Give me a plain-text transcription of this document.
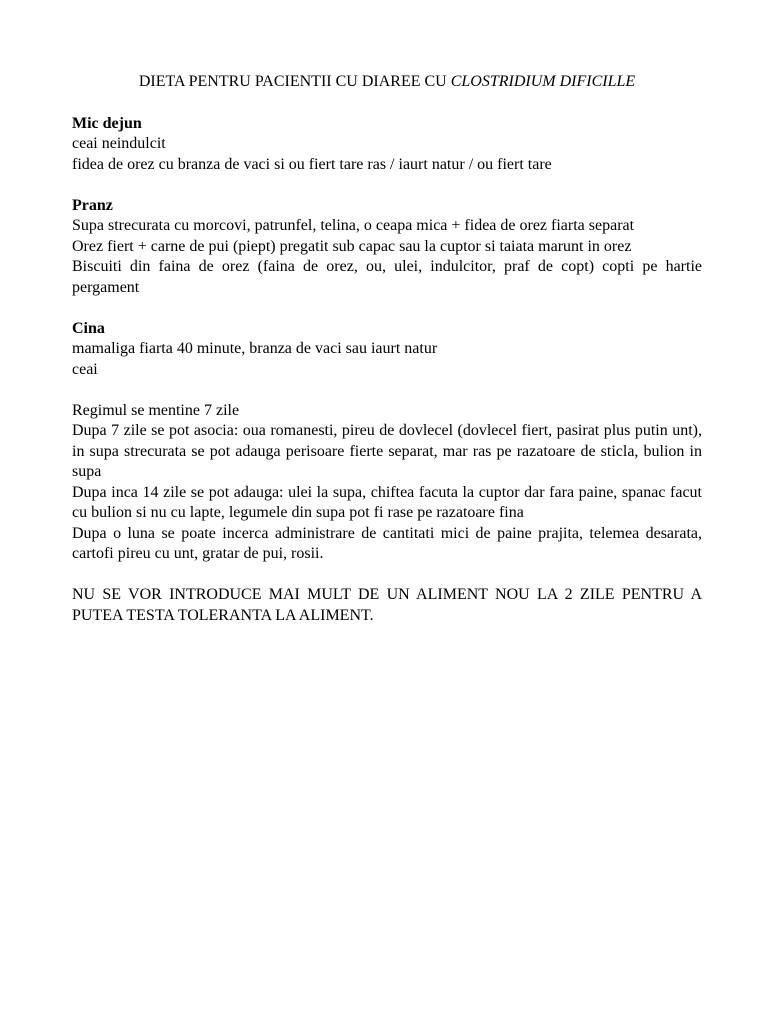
DIETA PENTRU PACIENTII CU DIAREE CU CLOSTRIDIUM DIFICILLE

Mic dejun

ceai neindulcit
fidea de orez cu branza de vaci si ou fiert tare ras / iaurt natur / ou fiert tare

Pranz

Supa strecurata cu morcovi, patrunfel, telina, o ceapa mica + fidea de orez fiarta separat
Orez fiert + carne de pui (piept) pregatit sub capac sau la cuptor si taiata marunt in orez
Biscuiti din faina de orez (faina de orez, ou, ulei, indulcitor, praf de copt) copti pe hartie pergament

Cina

mamaliga fiarta 40 minute, branza de vaci sau iaurt natur
ceai
Regimul se mentine 7 zile
Dupa 7 zile se pot asocia: oua romanesti, pireu de dovlecel (dovlecel fiert, pasirat plus putin unt), in supa strecurata se pot adauga perisoare fierte separat, mar ras pe razatoare de sticla, bulion in supa
Dupa inca 14 zile se pot adauga: ulei la supa, chiftea facuta la cuptor dar fara paine, spanac facut cu bulion si nu cu lapte, legumele din supa pot fi rase pe razatoare fina
Dupa o luna se poate incerca administrare de cantitati mici de paine prajita, telemea desarata, cartofi pireu cu unt, gratar de pui, rosii.

NU SE VOR INTRODUCE MAI MULT DE UN ALIMENT NOU LA 2 ZILE PENTRU A PUTEA TESTA TOLERANTA LA ALIMENT.
